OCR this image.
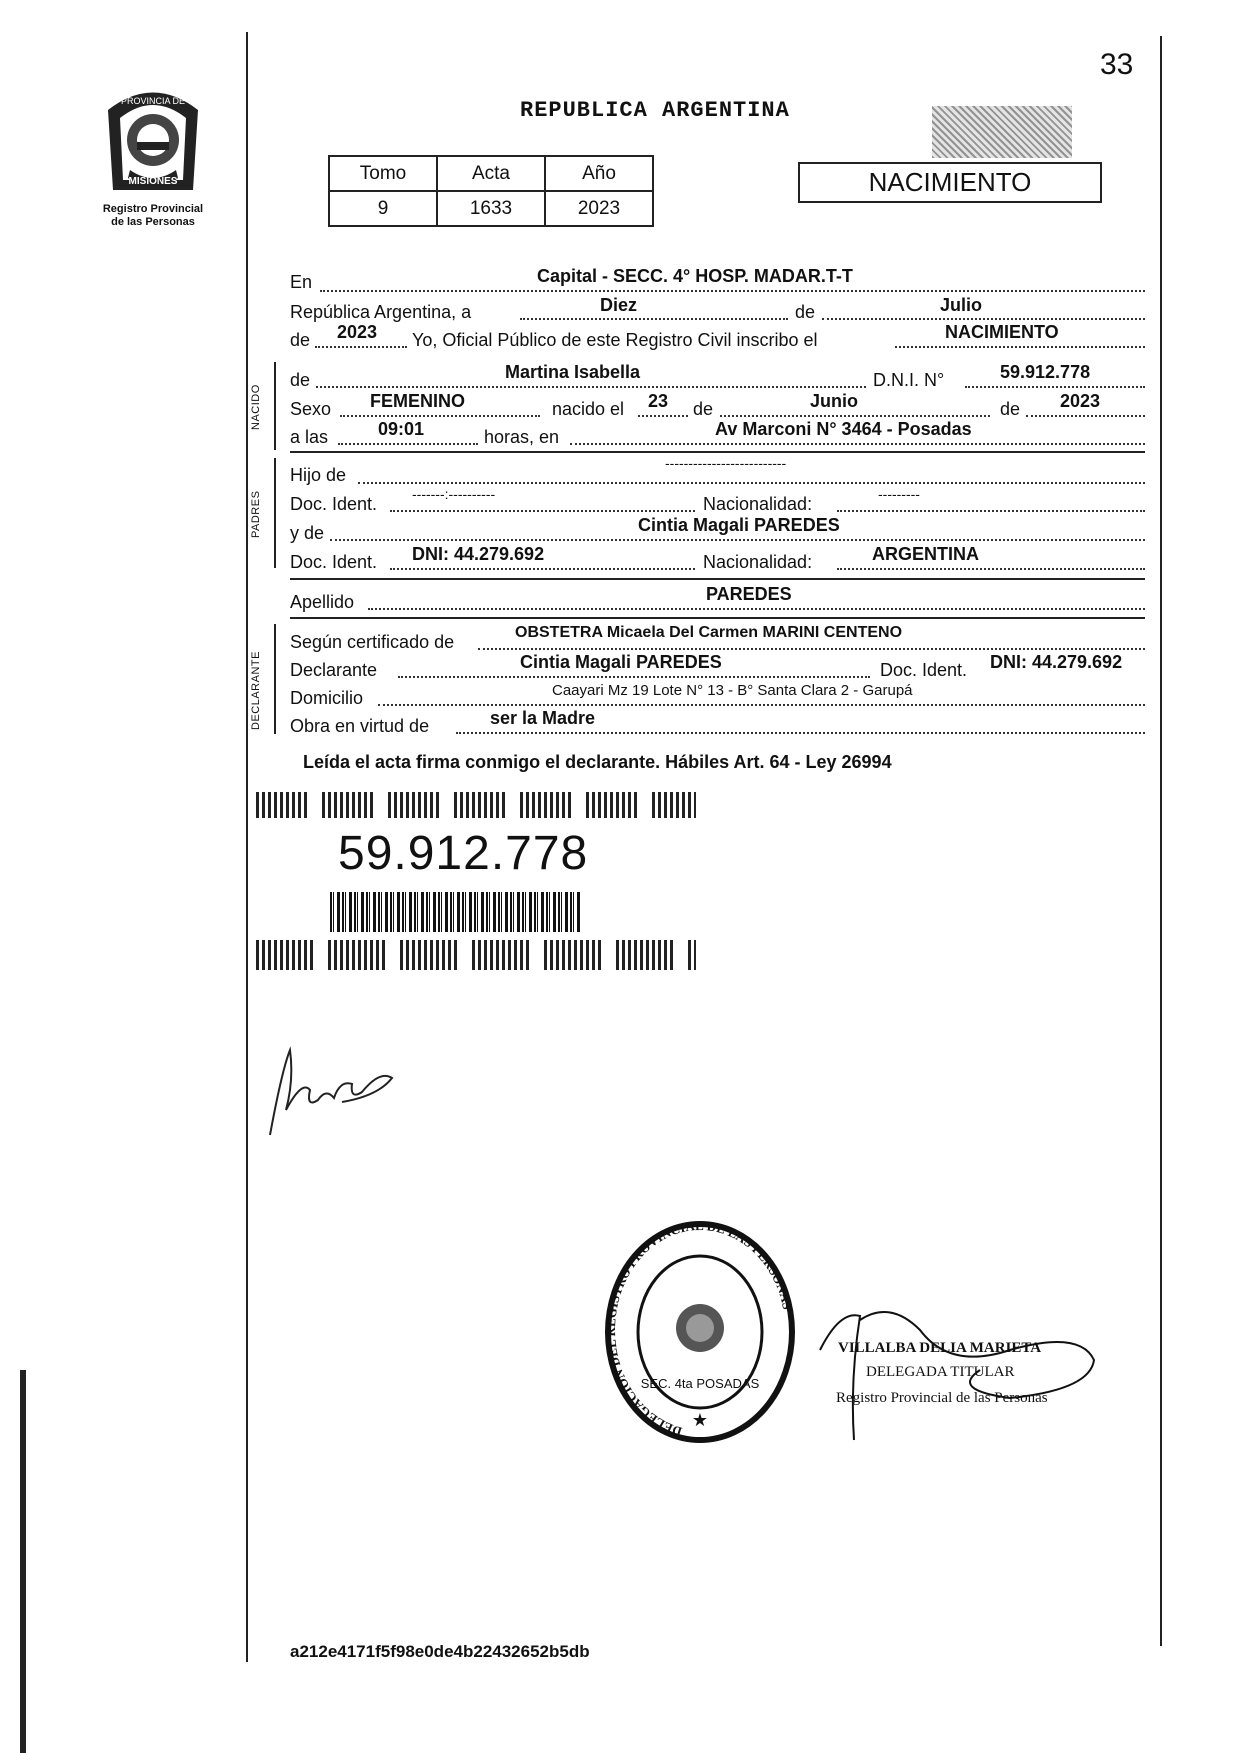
33
PROVINCIA DE
MISIONES
Registro Provincial
de las Personas
REPUBLICA ARGENTINA
Tomo	Acta	Año
9	1633	2023
NACIMIENTO
En	Capital - SECC. 4° HOSP. MADAR.T-T
República Argentina, a	Diez	de	Julio
de 2023 Yo, Oficial Público de este Registro Civil inscribo el	NACIMIENTO
NACIDO
de	Martina Isabella	D.N.I. N°	59.912.778
Sexo FEMENINO	nacido el 23 de	Junio	de 2023
a las	09:01	horas, en	Av Marconi N° 3464 - Posadas
PADRES
Hijo de
--------------------------
Doc. Ident. -------:----------	Nacionalidad:	---------
y de	Cintia Magali PAREDES
Doc. Ident. DNI: 44.279.692	Nacionalidad:	ARGENTINA
Apellido	PAREDES
DECLARANTE
Según certificado de	OBSTETRA Micaela Del Carmen MARINI CENTENO
Declarante	Cintia Magali PAREDES	Doc. Ident. DNI: 44.279.692
Domicilio	Caayari Mz 19 Lote N° 13 - B° Santa Clara 2 - Garupá
Obra en virtud de	ser la Madre
Leída el acta firma conmigo el declarante. Hábiles Art. 64 - Ley 26994
59.912.778
DELEGACION DEL REGISTRO PROVINCIAL DE LAS PERSONAS
SEC. 4ta POSADAS
★
VILLALBA DELIA MARIETA
DELEGADA TITULAR
Registro Provincial de las Personas
a212e4171f5f98e0de4b22432652b5db
